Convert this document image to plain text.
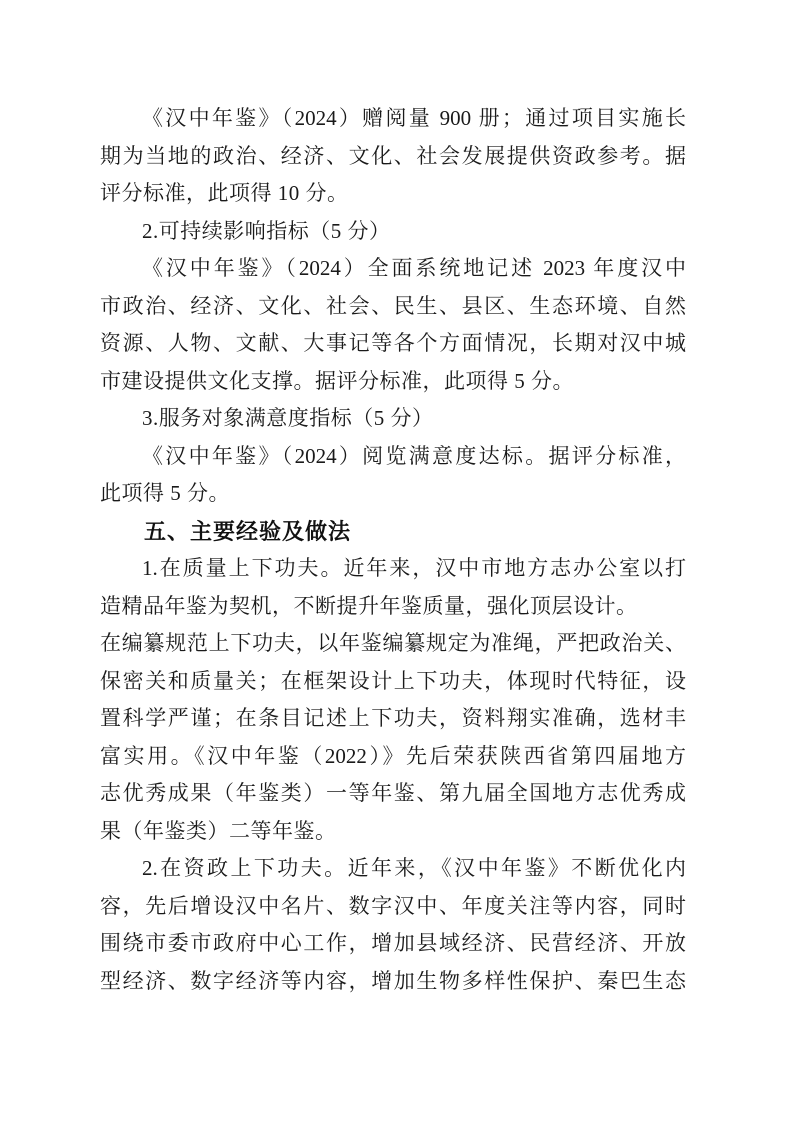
《汉中年鉴》（2024）赠阅量 900 册；通过项目实施长
期为当地的政治、经济、文化、社会发展提供资政参考。据
评分标准，此项得 10 分。
2.可持续影响指标（5 分）
《汉中年鉴》（2024）全面系统地记述 2023 年度汉中
市政治、经济、文化、社会、民生、县区、生态环境、自然
资源、人物、文献、大事记等各个方面情况，长期对汉中城
市建设提供文化支撑。据评分标准，此项得 5 分。
3.服务对象满意度指标（5 分）
《汉中年鉴》（2024）阅览满意度达标。据评分标准，
此项得 5 分。
五、主要经验及做法
1.在质量上下功夫。近年来，汉中市地方志办公室以打
造精品年鉴为契机，不断提升年鉴质量，强化顶层设计。
在编纂规范上下功夫，以年鉴编纂规定为准绳，严把政治关、
保密关和质量关；在框架设计上下功夫，体现时代特征，设
置科学严谨；在条目记述上下功夫，资料翔实准确，选材丰
富实用。《汉中年鉴（2022）》先后荣获陕西省第四届地方
志优秀成果（年鉴类）一等年鉴、第九届全国地方志优秀成
果（年鉴类）二等年鉴。
2.在资政上下功夫。近年来，《汉中年鉴》不断优化内
容，先后增设汉中名片、数字汉中、年度关注等内容，同时
围绕市委市政府中心工作，增加县域经济、民营经济、开放
型经济、数字经济等内容，增加生物多样性保护、秦巴生态
